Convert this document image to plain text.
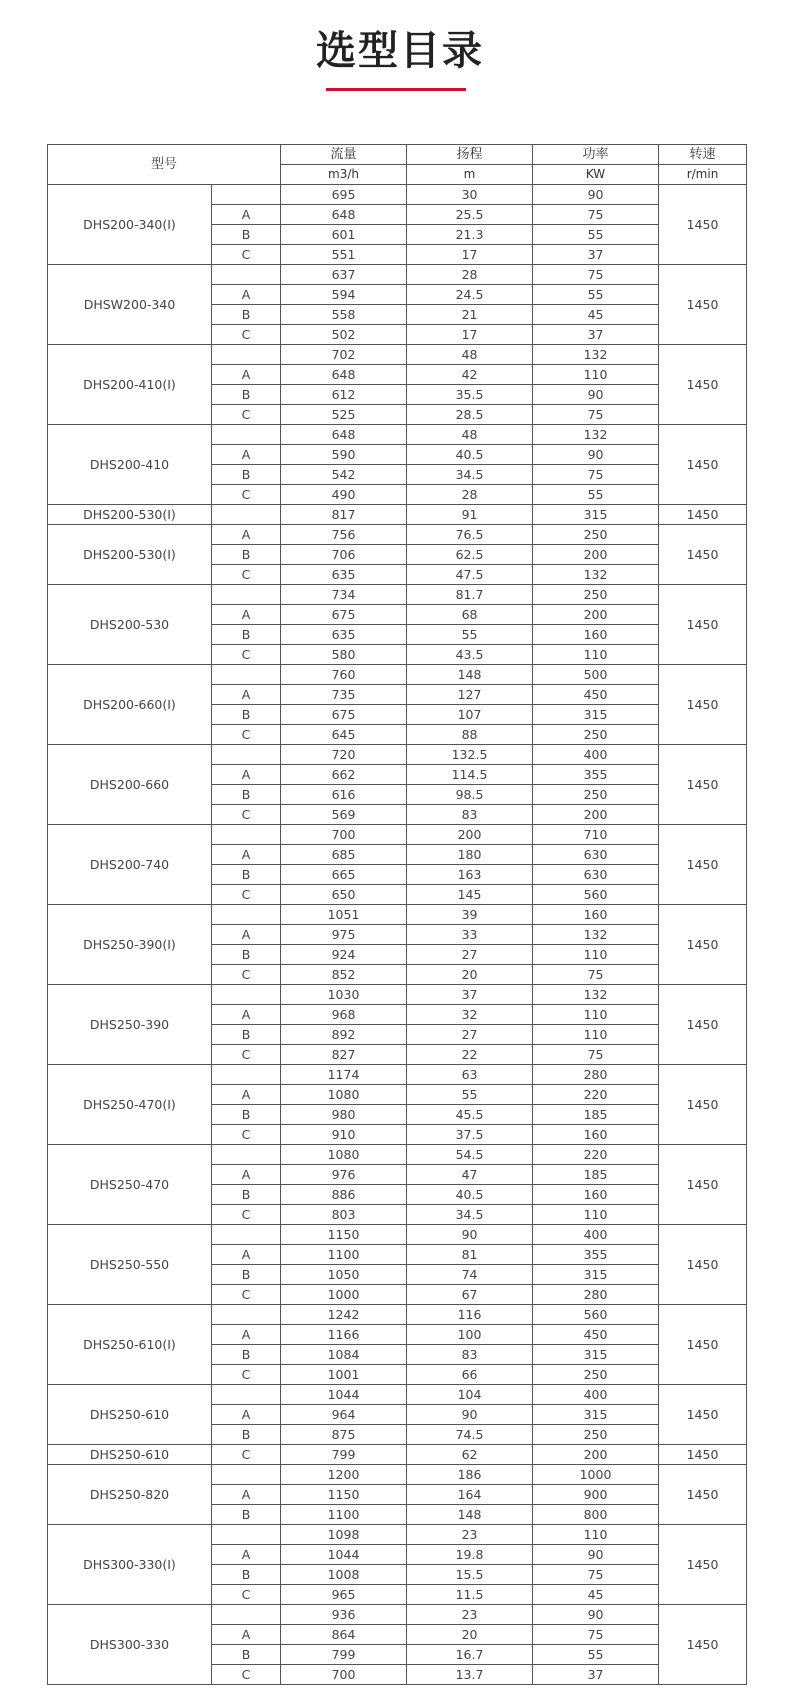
选型目录
型号		流量	扬程	功率	转速
		m3/h	m	KW	r/min
DHS200-340(Ⅰ)		695	30	90	1450
	A	648	25.5	75	
	B	601	21.3	55	
	C	551	17	37	
DHSW200-340		637	28	75	1450
	A	594	24.5	55	
	B	558	21	45	
	C	502	17	37	
DHS200-410(Ⅰ)		702	48	132	1450
	A	648	42	110	
	B	612	35.5	90	
	C	525	28.5	75	
DHS200-410		648	48	132	1450
	A	590	40.5	90	
	B	542	34.5	75	
	C	490	28	55	
DHS200-530(Ⅰ)		817	91	315	1450
DHS200-530(Ⅰ)	A	756	76.5	250	1450
	B	706	62.5	200	
	C	635	47.5	132	
DHS200-530		734	81.7	250	1450
	A	675	68	200	
	B	635	55	160	
	C	580	43.5	110	
DHS200-660(Ⅰ)		760	148	500	1450
	A	735	127	450	
	B	675	107	315	
	C	645	88	250	
DHS200-660		720	132.5	400	1450
	A	662	114.5	355	
	B	616	98.5	250	
	C	569	83	200	
DHS200-740		700	200	710	1450
	A	685	180	630	
	B	665	163	630	
	C	650	145	560	
DHS250-390(Ⅰ)		1051	39	160	1450
	A	975	33	132	
	B	924	27	110	
	C	852	20	75	
DHS250-390		1030	37	132	1450
	A	968	32	110	
	B	892	27	110	
	C	827	22	75	
DHS250-470(Ⅰ)		1174	63	280	1450
	A	1080	55	220	
	B	980	45.5	185	
	C	910	37.5	160	
DHS250-470		1080	54.5	220	1450
	A	976	47	185	
	B	886	40.5	160	
	C	803	34.5	110	
DHS250-550		1150	90	400	1450
	A	1100	81	355	
	B	1050	74	315	
	C	1000	67	280	
DHS250-610(Ⅰ)		1242	116	560	1450
	A	1166	100	450	
	B	1084	83	315	
	C	1001	66	250	
DHS250-610		1044	104	400	1450
	A	964	90	315	
	B	875	74.5	250	
DHS250-610	C	799	62	200	1450
DHS250-820		1200	186	1000	1450
	A	1150	164	900	
	B	1100	148	800	
DHS300-330(Ⅰ)		1098	23	110	1450
	A	1044	19.8	90	
	B	1008	15.5	75	
	C	965	11.5	45	
DHS300-330		936	23	90	1450
	A	864	20	75	
	B	799	16.7	55	
	C	700	13.7	37	
